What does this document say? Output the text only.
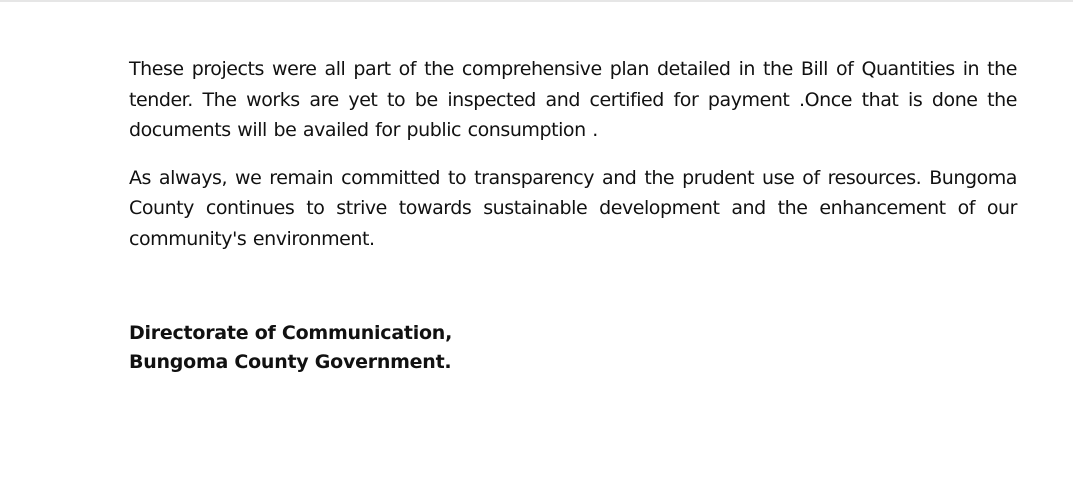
These projects were all part of the comprehensive plan detailed in the Bill of Quantities in the tender. The works are yet to be inspected and certified for payment .Once that is done the documents will be availed for public consumption .

As always, we remain committed to transparency and the prudent use of resources. Bungoma County continues to strive towards sustainable development and the enhancement of our community's environment.

Directorate of Communication,
Bungoma County Government.
